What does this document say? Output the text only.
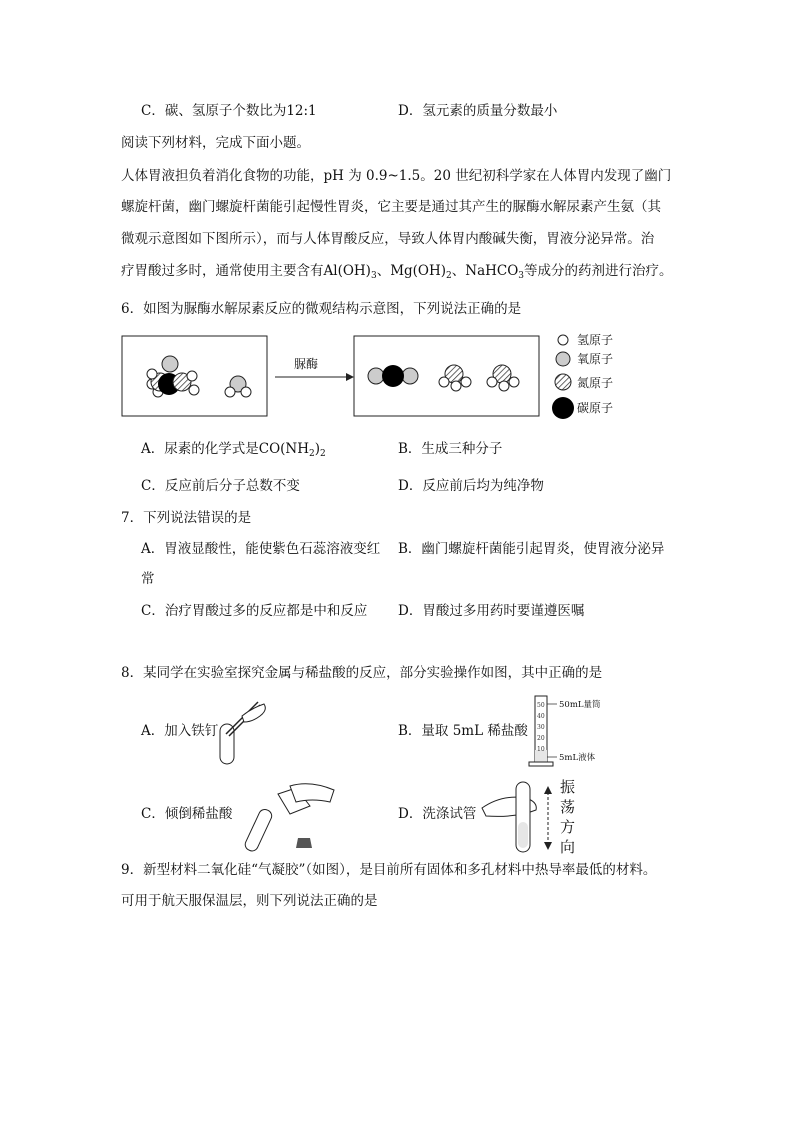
C．碳、氢原子个数比为12:1	D．氢元素的质量分数最小
阅读下列材料，完成下面小题。
人体胃液担负着消化食物的功能，pH 为 0.9~1.5。20 世纪初科学家在人体胃内发现了幽门
螺旋杆菌，幽门螺旋杆菌能引起慢性胃炎，它主要是通过其产生的脲酶水解尿素产生氨（其
微观示意图如下图所示），而与人体胃酸反应，导致人体胃内酸碱失衡，胃液分泌异常。治
疗胃酸过多时，通常使用主要含有$Al(OH)_3$、$Mg(OH)_2$、NaHCO$_3$等成分的药剂进行治疗。
6．如图为脲酶水解尿素反应的微观结构示意图，下列说法正确的是
脲酶
氢原子
氧原子
氮原子
碳原子
A．尿素的化学式是$CO(NH_2)_2$	B．生成三种分子
C．反应前后分子总数不变	D．反应前后均为纯净物
7．下列说法错误的是
A．胃液显酸性，能使紫色石蕊溶液变红 B．幽门螺旋杆菌能引起胃炎，使胃液分泌异
常
C．治疗胃酸过多的反应都是中和反应 D．胃酸过多用药时要谨遵医嘱
8．某同学在实验室探究金属与稀盐酸的反应，部分实验操作如图，其中正确的是
A．加入铁钉	B．量取 5mL 稀盐酸
50
40
30
20
10
50mL量筒
5mL液体
C．倾倒稀盐酸	D．洗涤试管
振
荡
方
向
9．新型材料二氧化硅“气凝胶”（如图），是目前所有固体和多孔材料中热导率最低的材料。
可用于航天服保温层，则下列说法正确的是
